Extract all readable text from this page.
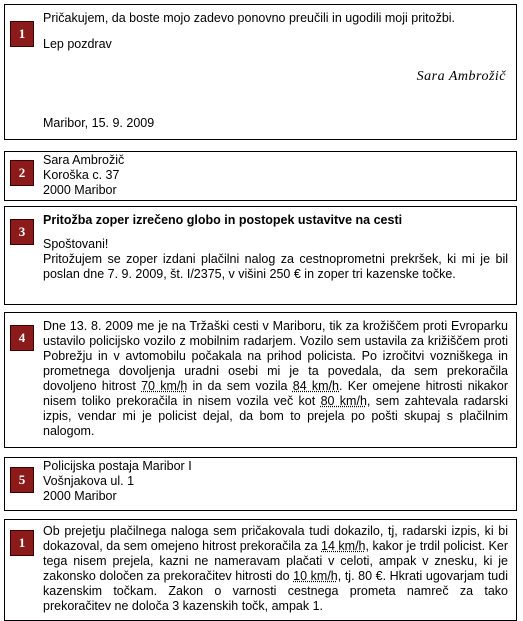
1

Pričakujem, da boste mojo zadevo ponovno preučili in ugodili moji pritožbi.

Lep pozdrav

Sara Ambrožič
Maribor, 15. 9. 2009
2

Sara Ambrožič

Koroška c. 37

2000 Maribor

3

Pritožba zoper izrečeno globo in postopek ustavitve na cesti

Spoštovani!

Pritožujem se zoper izdani plačilni nalog za cestnoprometni prekršek, ki mi je bil poslan dne 7. 9. 2009, št. I/2375, v višini 250 € in zoper tri kazenske točke.

4
Dne 13. 8. 2009 me je na Tržaški cesti v Mariboru, tik za krožiščem proti Evroparku ustavilo policijsko vozilo z mobilnim radarjem. Vozilo sem ustavila za križiščem proti Pobrežju in v avtomobilu počakala na prihod policista. Po izročitvi vozniškega in prometnega dovoljenja uradni osebi mi je ta povedala, da sem prekoračila dovoljeno hitrost 70 km/h in da sem vozila 84 km/h. Ker omejene hitrosti nikakor nisem toliko prekoračila in nisem vozila več kot 80 km/h, sem zahtevala radarski izpis, vendar mi je policist dejal, da bom to prejela po pošti skupaj s plačilnim nalogom.
5

Policijska postaja Maribor I

Vošnjakova ul. 1

2000 Maribor

1
Ob prejetju plačilnega naloga sem pričakovala tudi dokazilo, tj, radarski izpis, ki bi dokazoval, da sem omejeno hitrost prekoračila za 14 km/h, kakor je trdil policist. Ker tega nisem prejela, kazni ne nameravam plačati v celoti, ampak v znesku, ki je zakonsko določen za prekoračitev hitrosti do 10 km/h, tj. 80 €. Hkrati ugovarjam tudi kazenskim točkam. Zakon o varnosti cestnega prometa namreč za tako prekoračitev ne določa 3 kazenskih točk, ampak 1.
